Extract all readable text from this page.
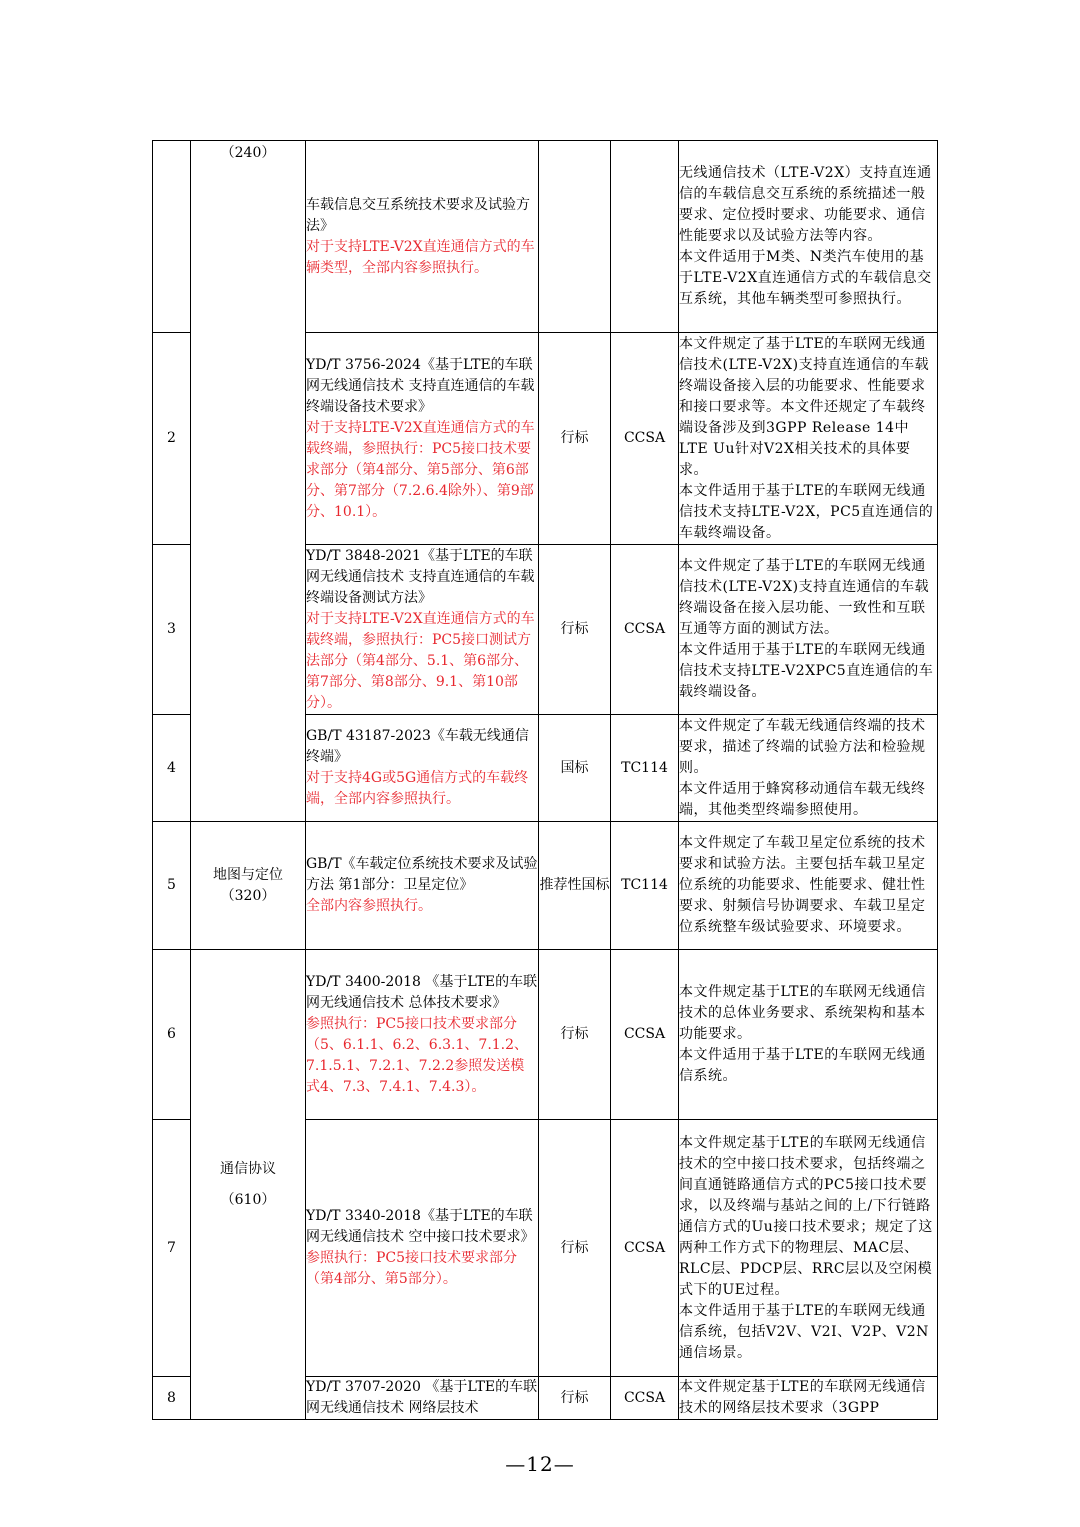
	（240）	车载信息交互系统技术要求及试验方法》
对于支持LTE-V2X直连通信方式的车辆类型，全部内容参照执行。			无线通信技术（LTE-V2X）支持直连通信的车载信息交互系统的系统描述一般要求、定位授时要求、功能要求、通信性能要求以及试验方法等内容。
本文件适用于M类、N类汽车使用的基于LTE-V2X直连通信方式的车载信息交互系统，其他车辆类型可参照执行。

2		YD/T 3756-2024《基于LTE的车联网无线通信技术 支持直连通信的车载终端设备技术要求》
对于支持LTE-V2X直连通信方式的车载终端，参照执行：PC5接口技术要求部分（第4部分、第5部分、第6部分、第7部分（7.2.6.4除外）、第9部分、10.1）。	行标	CCSA	本文件规定了基于LTE的车联网无线通信技术(LTE-V2X)支持直连通信的车载终端设备接入层的功能要求、性能要求和接口要求等。本文件还规定了车载终端设备涉及到3GPP Release 14中LTE Uu针对V2X相关技术的具体要求。
本文件适用于基于LTE的车联网无线通信技术支持LTE-V2X，PC5直连通信的车载终端设备。

3		YD/T 3848-2021《基于LTE的车联网无线通信技术 支持直连通信的车载终端设备测试方法》
对于支持LTE-V2X直连通信方式的车载终端，参照执行：PC5接口测试方法部分（第4部分、5.1、第6部分、第7部分、第8部分、9.1、第10部分）。	行标	CCSA	本文件规定了基于LTE的车联网无线通信技术(LTE-V2X)支持直连通信的车载终端设备在接入层功能、一致性和互联互通等方面的测试方法。
本文件适用于基于LTE的车联网无线通信技术支持LTE-V2XPC5直连通信的车载终端设备。

4		GB/T 43187-2023《车载无线通信终端》
对于支持4G或5G通信方式的车载终端，全部内容参照执行。	国标	TC114	本文件规定了车载无线通信终端的技术要求，描述了终端的试验方法和检验规则。
本文件适用于蜂窝移动通信车载无线终端，其他类型终端参照使用。

5	地图与定位
（320）	GB/T《车载定位系统技术要求及试验方法 第1部分：卫星定位》
全部内容参照执行。	推荐性国标	TC114	本文件规定了车载卫星定位系统的技术要求和试验方法。主要包括车载卫星定位系统的功能要求、性能要求、健壮性要求、射频信号协调要求、车载卫星定位系统整车级试验要求、环境要求。

6	通信协议
（610）	YD/T 3400-2018 《基于LTE的车联网无线通信技术 总体技术要求》
参照执行：PC5接口技术要求部分（5、6.1.1、6.2、6.3.1、7.1.2、7.1.5.1、7.2.1、7.2.2参照发送模式4、7.3、7.4.1、7.4.3）。	行标	CCSA	本文件规定基于LTE的车联网无线通信技术的总体业务要求、系统架构和基本功能要求。
本文件适用于基于LTE的车联网无线通信系统。

7		YD/T 3340-2018《基于LTE的车联网无线通信技术 空中接口技术要求》
参照执行：PC5接口技术要求部分（第4部分、第5部分）。	行标	CCSA	本文件规定基于LTE的车联网无线通信技术的空中接口技术要求，包括终端之间直通链路通信方式的PC5接口技术要求，以及终端与基站之间的上/下行链路通信方式的Uu接口技术要求；规定了这两种工作方式下的物理层、MAC层、RLC层、PDCP层、RRC层以及空闲模式下的UE过程。
本文件适用于基于LTE的车联网无线通信系统，包括V2V、V2I、V2P、V2N通信场景。

8		YD/T 3707-2020 《基于LTE的车联网无线通信技术 网络层技术	行标	CCSA	本文件规定基于LTE的车联网无线通信技术的网络层技术要求（3GPP
—12—
